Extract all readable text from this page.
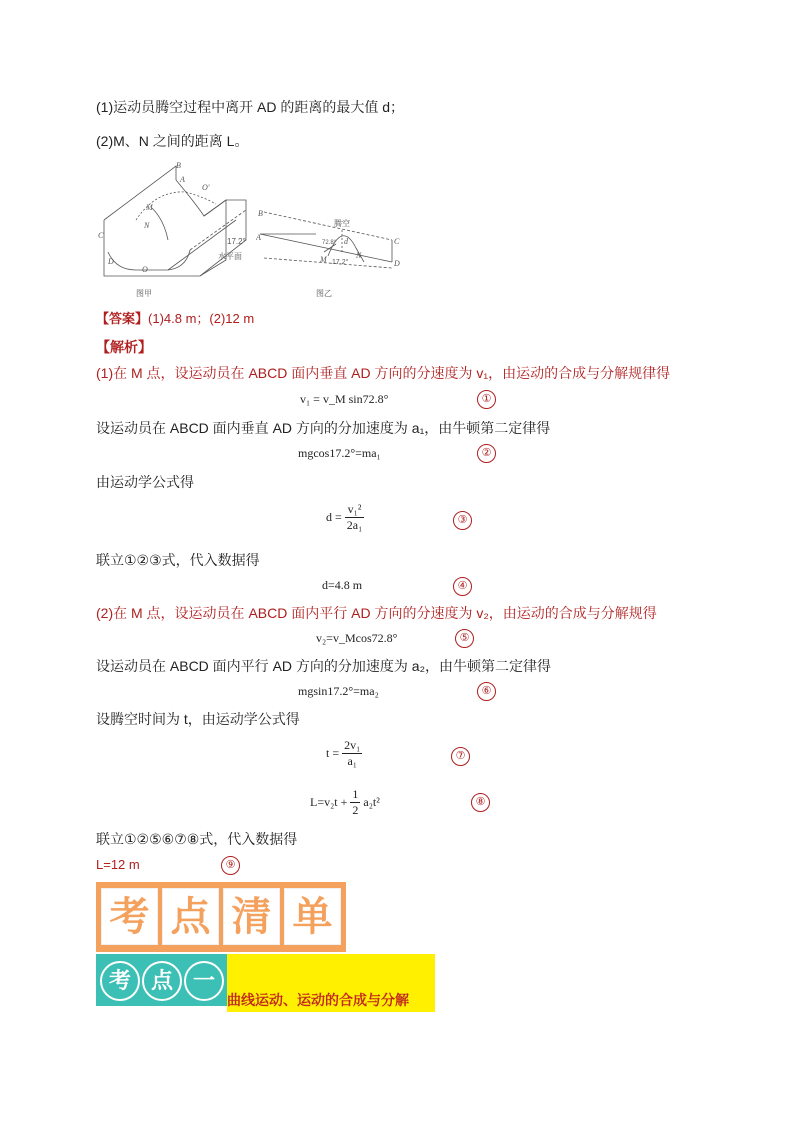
(1)运动员腾空过程中离开 AD 的距离的最大值 d；
(2)M、N 之间的距离 L。
B
A
O'
M
N
C
D
O
17.2°
水平面
图甲
B
A	C
D
M	N
d
腾空
72.8°
17.2°
图乙
【答案】(1)4.8 m；(2)12 m
【解析】
(1)在 M 点，设运动员在 ABCD 面内垂直 AD 方向的分速度为 v₁，由运动的合成与分解规律得
v₁ = v_M sin72.8°	①
设运动员在 ABCD 面内垂直 AD 方向的分加速度为 a₁，由牛顿第二定律得
mgcos17.2°=ma₁	②
由运动学公式得
$d = \frac{\text{v₁²}}{\text{2a₁}}$	③
联立①②③式，代入数据得
d=4.8 m	④
(2)在 M 点，设运动员在 ABCD 面内平行 AD 方向的分速度为 v₂，由运动的合成与分解规得
v₂=v_Mcos72.8°	⑤
设运动员在 ABCD 面内平行 AD 方向的分加速度为 a₂，由牛顿第二定律得
mgsin17.2°=ma₂	⑥
设腾空时间为 t，由运动学公式得
$t = \frac{\text{2v₁}}{\text{a₁}}$	⑦
$L=v_2t + \frac{1}{2} a_2t^2$	⑧
联立①②⑤⑥⑦⑧式，代入数据得
L=12 m	⑨
考 点 清 单
考 点 一
曲线运动、运动的合成与分解
